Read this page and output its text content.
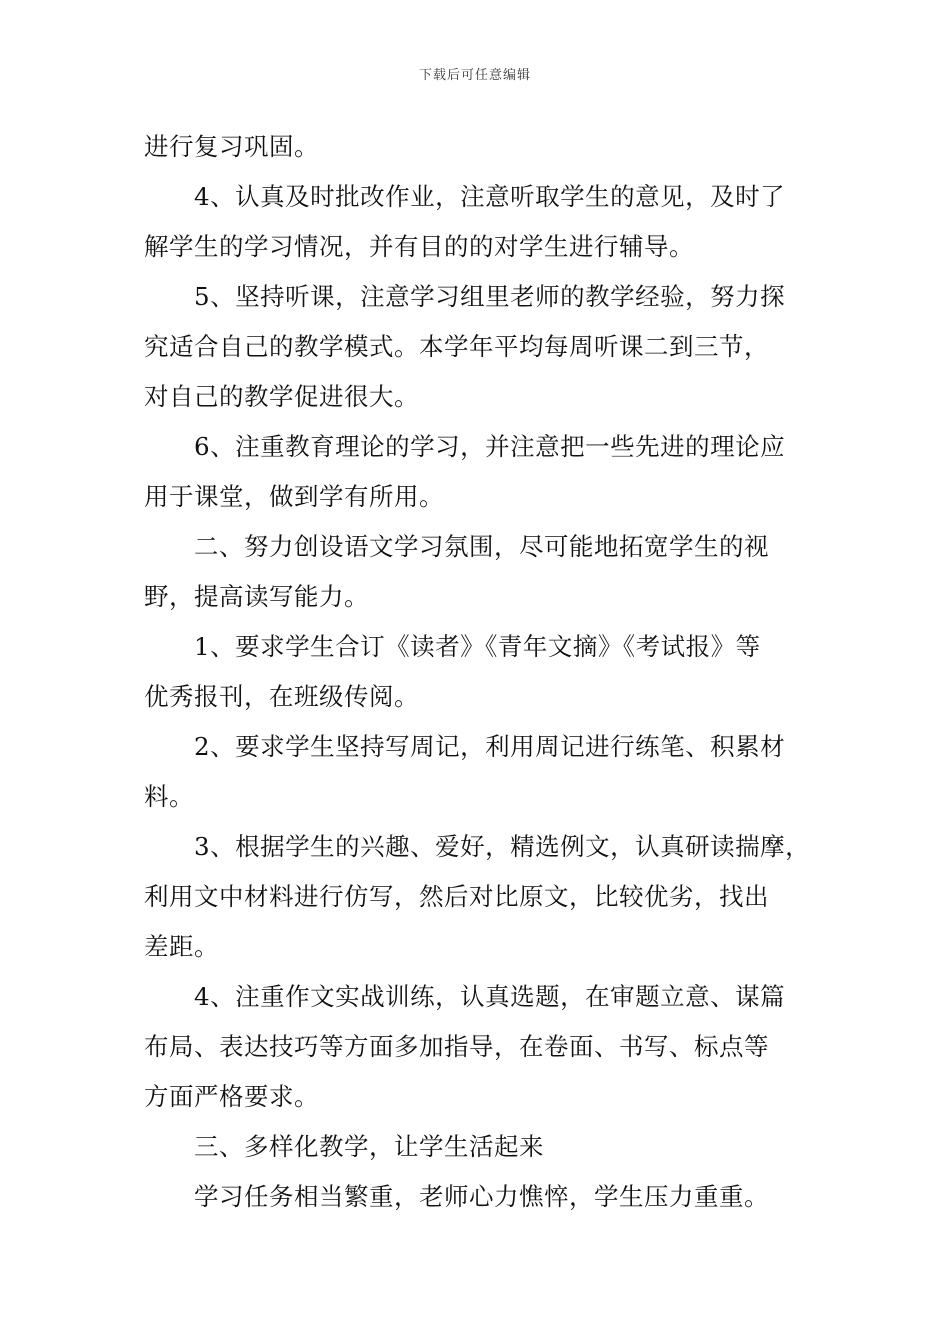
下载后可任意编辑
进行复习巩固。
4、认真及时批改作业，注意听取学生的意见，及时了
解学生的学习情况，并有目的的对学生进行辅导。
5、坚持听课，注意学习组里老师的教学经验，努力探
究适合自己的教学模式。本学年平均每周听课二到三节，
对自己的教学促进很大。
6、注重教育理论的学习，并注意把一些先进的理论应
用于课堂，做到学有所用。
二、努力创设语文学习氛围，尽可能地拓宽学生的视
野，提高读写能力。
1、要求学生合订《读者》《青年文摘》《考试报》等
优秀报刊，在班级传阅。
2、要求学生坚持写周记，利用周记进行练笔、积累材
料。
3、根据学生的兴趣、爱好，精选例文，认真研读揣摩，
利用文中材料进行仿写，然后对比原文，比较优劣，找出
差距。
4、注重作文实战训练，认真选题，在审题立意、谋篇
布局、表达技巧等方面多加指导，在卷面、书写、标点等
方面严格要求。
三、多样化教学，让学生活起来
学习任务相当繁重，老师心力憔悴，学生压力重重。
